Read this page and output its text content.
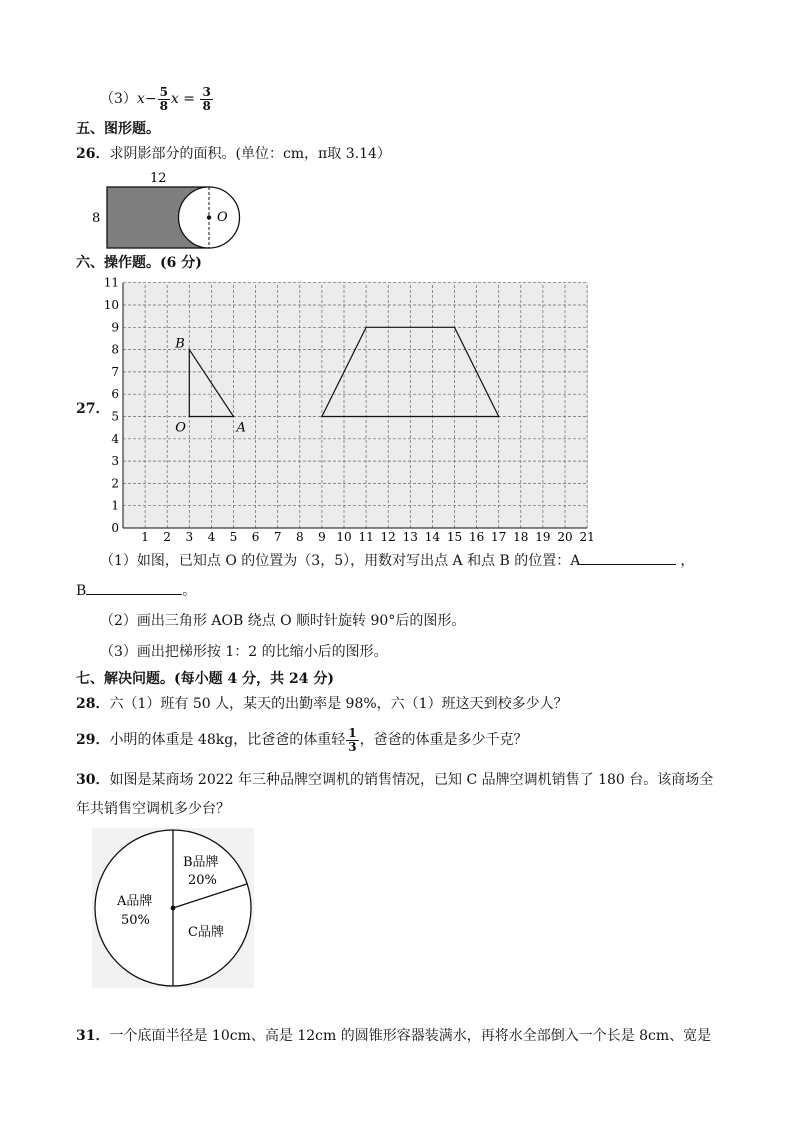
$(3)x- \frac{5}{8}$ $x = \frac{3}{8}$
五、图形题。
26．求阴影部分的面积。(单位：cm，π取 3.14）
12
8	O
六、操作题。(6 分)
27．
1 2 3 4 5 6 7 8 9 10 11 12 13 14 15 16 17 18 19 20 21
0
1
2
3
4
5
6
7
8
9
10
11
B
O	A
（1）如图，已知点 O 的位置为（3，5），用数对写出点 A 和点 B 的位置：A	，
B	。
（2）画出三角形 AOB 绕点 O 顺时针旋转 90°后的图形。
（3）画出把梯形按 1：2 的比缩小后的图形。
七、解决问题。(每小题 4 分，共 24 分)
28．六（1）班有 50 人，某天的出勤率是 98%，六（1）班这天到校多少人？
29．小明的体重是 48kg，比爸爸的体重轻 $\frac{1}{3}$ ，爸爸的体重是多少千克？
30．如图是某商场 2022 年三种品牌空调机的销售情况，已知 C 品牌空调机销售了 180 台。该商场全
年共销售空调机多少台？
B品牌
20%
A品牌
50%
C品牌
31．一个底面半径是 10cm、高是 12cm 的圆锥形容器装满水，再将水全部倒入一个长是 8cm、宽是
